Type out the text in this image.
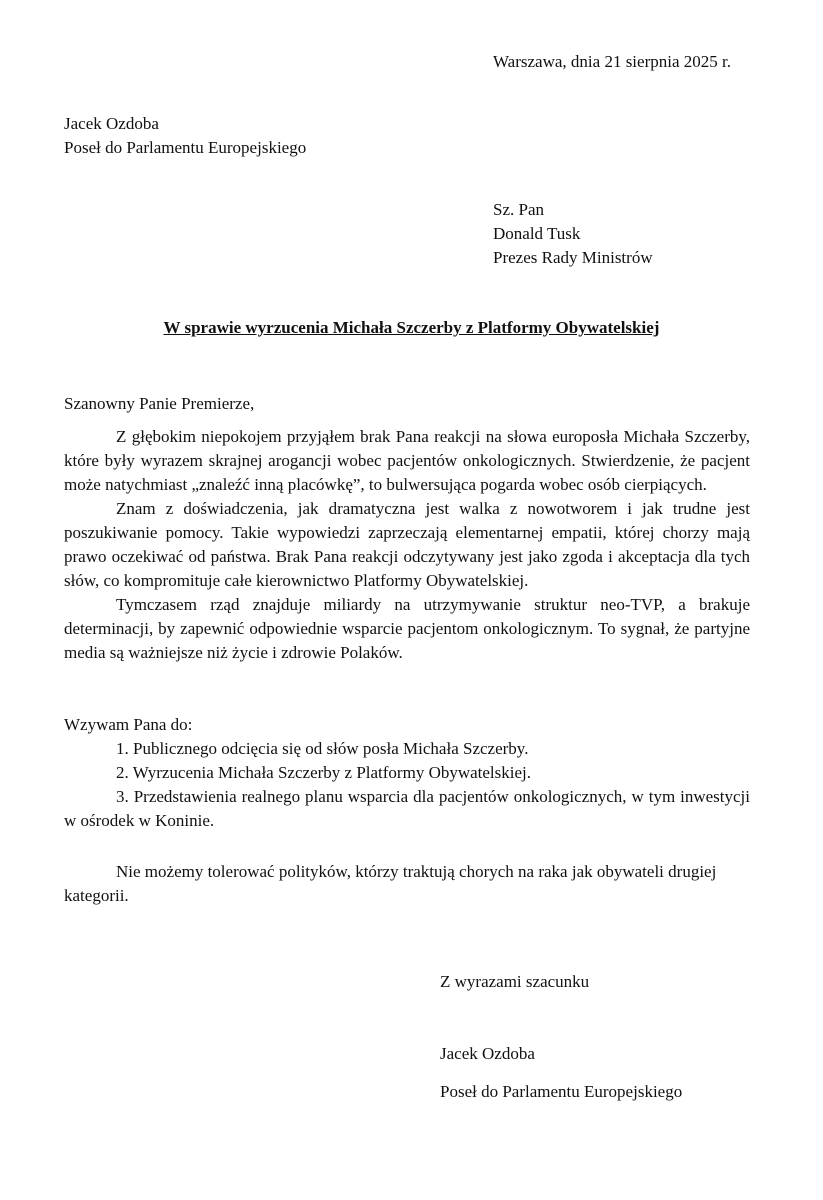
Warszawa, dnia 21 sierpnia 2025 r.
Jacek Ozdoba
Poseł do Parlamentu Europejskiego
Sz. Pan
Donald Tusk
Prezes Rady Ministrów
W sprawie wyrzucenia Michała Szczerby z Platformy Obywatelskiej
Szanowny Panie Premierze,

Z głębokim niepokojem przyjąłem brak Pana reakcji na słowa europosła Michała Szczerby, które były wyrazem skrajnej arogancji wobec pacjentów onkologicznych. Stwierdzenie, że pacjent może natychmiast „znaleźć inną placówkę”, to bulwersująca pogarda wobec osób cierpiących.

Znam z doświadczenia, jak dramatyczna jest walka z nowotworem i jak trudne jest poszukiwanie pomocy. Takie wypowiedzi zaprzeczają elementarnej empatii, której chorzy mają prawo oczekiwać od państwa. Brak Pana reakcji odczytywany jest jako zgoda i akceptacja dla tych słów, co kompromituje całe kierownictwo Platformy Obywatelskiej.

Tymczasem rząd znajduje miliardy na utrzymywanie struktur neo-TVP, a brakuje determinacji, by zapewnić odpowiednie wsparcie pacjentom onkologicznym. To sygnał, że partyjne media są ważniejsze niż życie i zdrowie Polaków.

Wzywam Pana do:

1. Publicznego odcięcia się od słów posła Michała Szczerby.

2. Wyrzucenia Michała Szczerby z Platformy Obywatelskiej.

3. Przedstawienia realnego planu wsparcia dla pacjentów onkologicznych, w tym inwestycji w ośrodek w Koninie.

Nie możemy tolerować polityków, którzy traktują chorych na raka jak obywateli drugiej kategorii.

Z wyrazami szacunku
Jacek Ozdoba
Poseł do Parlamentu Europejskiego
